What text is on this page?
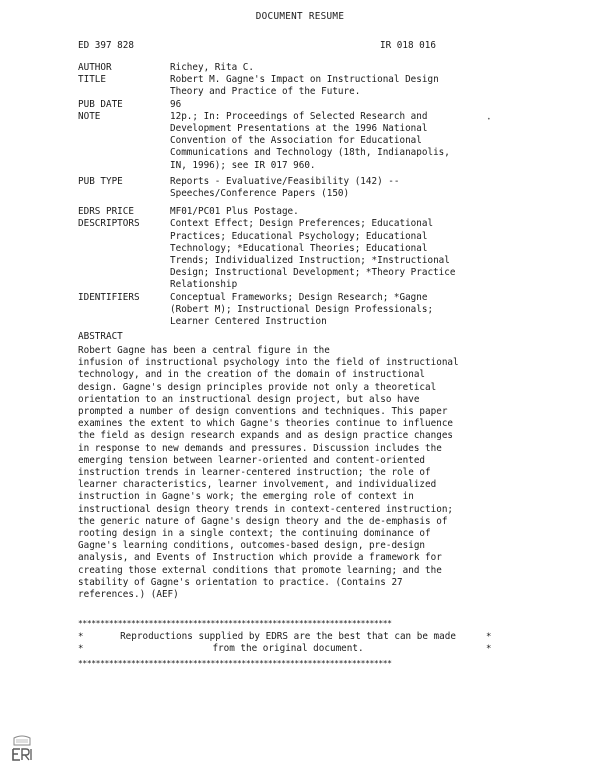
DOCUMENT RESUME
ED 397 828	IR 018 016
AUTHOR	Richey, Rita C.
TITLE	Robert M. Gagne's Impact on Instructional Design
Theory and Practice of the Future.
PUB DATE	96
NOTE	12p.; In: Proceedings of Selected Research and
Development Presentations at the 1996 National
Convention of the Association for Educational
Communications and Technology (18th, Indianapolis,
IN, 1996); see IR 017 960.
PUB TYPE	Reports - Evaluative/Feasibility (142) --
Speeches/Conference Papers (150)
EDRS PRICE	MF01/PC01 Plus Postage.
DESCRIPTORS	Context Effect; Design Preferences; Educational
Practices; Educational Psychology; Educational
Technology; *Educational Theories; Educational
Trends; Individualized Instruction; *Instructional
Design; Instructional Development; *Theory Practice
Relationship
IDENTIFIERS	Conceptual Frameworks; Design Research; *Gagne
(Robert M); Instructional Design Professionals;
Learner Centered Instruction
•
ABSTRACT
Robert Gagne has been a central figure in the
infusion of instructional psychology into the field of instructional
technology, and in the creation of the domain of instructional
design. Gagne's design principles provide not only a theoretical
orientation to an instructional design project, but also have
prompted a number of design conventions and techniques. This paper
examines the extent to which Gagne's theories continue to influence
the field as design research expands and as design practice changes
in response to new demands and pressures. Discussion includes the
emerging tension between learner-oriented and content-oriented
instruction trends in learner-centered instruction; the role of
learner characteristics, learner involvement, and individualized
instruction in Gagne's work; the emerging role of context in
instructional design theory trends in context-centered instruction;
the generic nature of Gagne's design theory and the de-emphasis of
rooting design in a single context; the continuing dominance of
Gagne's learning conditions, outcomes-based design, pre-design
analysis, and Events of Instruction which provide a framework for
creating those external conditions that promote learning; and the
stability of Gagne's orientation to practice. (Contains 27
references.) (AEF)
***********************************************************************
*	*
*	*
Reproductions supplied by EDRS are the best that can be made
from the original document.
***********************************************************************
